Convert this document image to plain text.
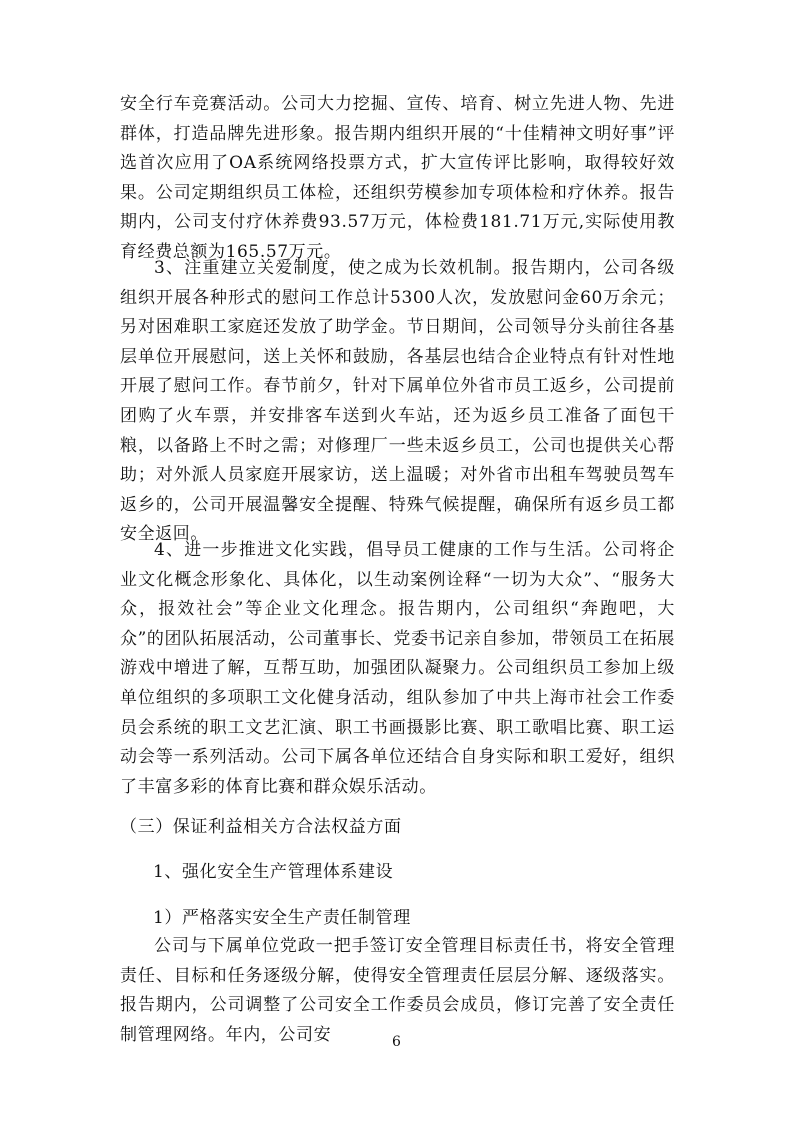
安全行车竞赛活动。公司大力挖掘、宣传、培育、树立先进人物、先进群体，打造品牌先进形象。报告期内组织开展的“十佳精神文明好事”评选首次应用了OA系统网络投票方式，扩大宣传评比影响，取得较好效果。公司定期组织员工体检，还组织劳模参加专项体检和疗休养。报告期内，公司支付疗休养费93.57万元，体检费181.71万元,实际使用教育经费总额为165.57万元。

3、注重建立关爱制度，使之成为长效机制。报告期内，公司各级组织开展各种形式的慰问工作总计5300人次，发放慰问金60万余元；另对困难职工家庭还发放了助学金。节日期间，公司领导分头前往各基层单位开展慰问，送上关怀和鼓励，各基层也结合企业特点有针对性地开展了慰问工作。春节前夕，针对下属单位外省市员工返乡，公司提前团购了火车票，并安排客车送到火车站，还为返乡员工准备了面包干粮，以备路上不时之需；对修理厂一些未返乡员工，公司也提供关心帮助；对外派人员家庭开展家访，送上温暖；对外省市出租车驾驶员驾车返乡的，公司开展温馨安全提醒、特殊气候提醒，确保所有返乡员工都安全返回。

4、进一步推进文化实践，倡导员工健康的工作与生活。公司将企业文化概念形象化、具体化，以生动案例诠释“一切为大众”、“服务大众，报效社会”等企业文化理念。报告期内，公司组织“奔跑吧，大众”的团队拓展活动，公司董事长、党委书记亲自参加，带领员工在拓展游戏中增进了解，互帮互助，加强团队凝聚力。公司组织员工参加上级单位组织的多项职工文化健身活动，组队参加了中共上海市社会工作委员会系统的职工文艺汇演、职工书画摄影比赛、职工歌唱比赛、职工运动会等一系列活动。公司下属各单位还结合自身实际和职工爱好，组织了丰富多彩的体育比赛和群众娱乐活动。

（三）保证利益相关方合法权益方面

1、强化安全生产管理体系建设

1）严格落实安全生产责任制管理

公司与下属单位党政一把手签订安全管理目标责任书，将安全管理责任、目标和任务逐级分解，使得安全管理责任层层分解、逐级落实。报告期内，公司调整了公司安全工作委员会成员，修订完善了安全责任制管理网络。年内，公司安	6
